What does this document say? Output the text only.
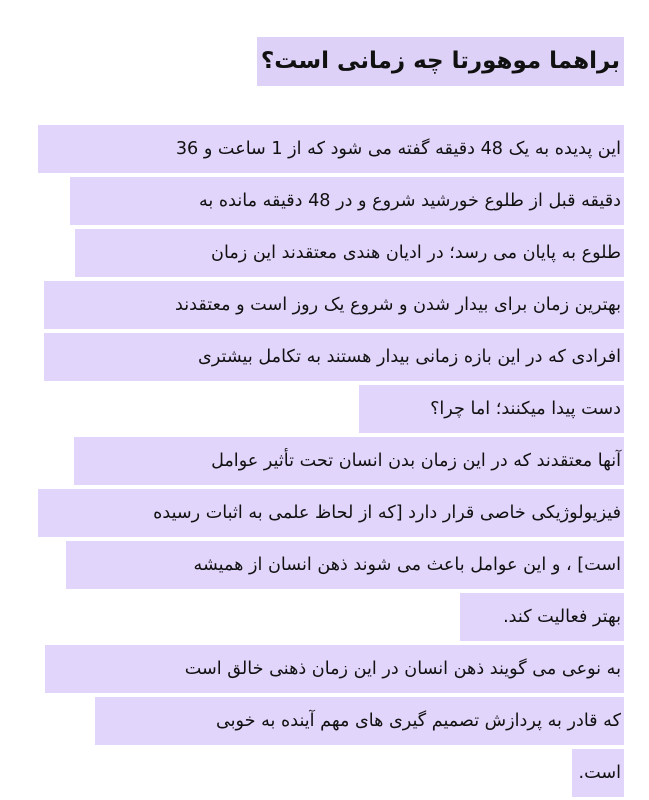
براهما موهورتا چه زمانی است؟
این پدیده به یک 48 دقیقه گفته می شود که از 1 ساعت و 36
دقیقه قبل از طلوع خورشید شروع و در 48 دقیقه مانده به
طلوع به پایان می رسد؛ در ادیان هندی معتقدند این زمان
بهترین زمان برای بیدار شدن و شروع یک روز است و معتقدند
افرادی که در این بازه زمانی بیدار هستند به تکامل بیشتری
دست پیدا میکنند؛ اما چرا؟
آنها معتقدند که در این زمان بدن انسان تحت تأثیر عوامل
فیزیولوژیکی خاصی قرار دارد [که از لحاظ علمی به اثبات رسیده
است] ، و این عوامل باعث می شوند ذهن انسان از همیشه
بهتر فعالیت کند.
به نوعی می گویند ذهن انسان در این زمان ذهنی خالق است
که قادر به پردازش تصمیم گیری های مهم آینده به خوبی
است.
